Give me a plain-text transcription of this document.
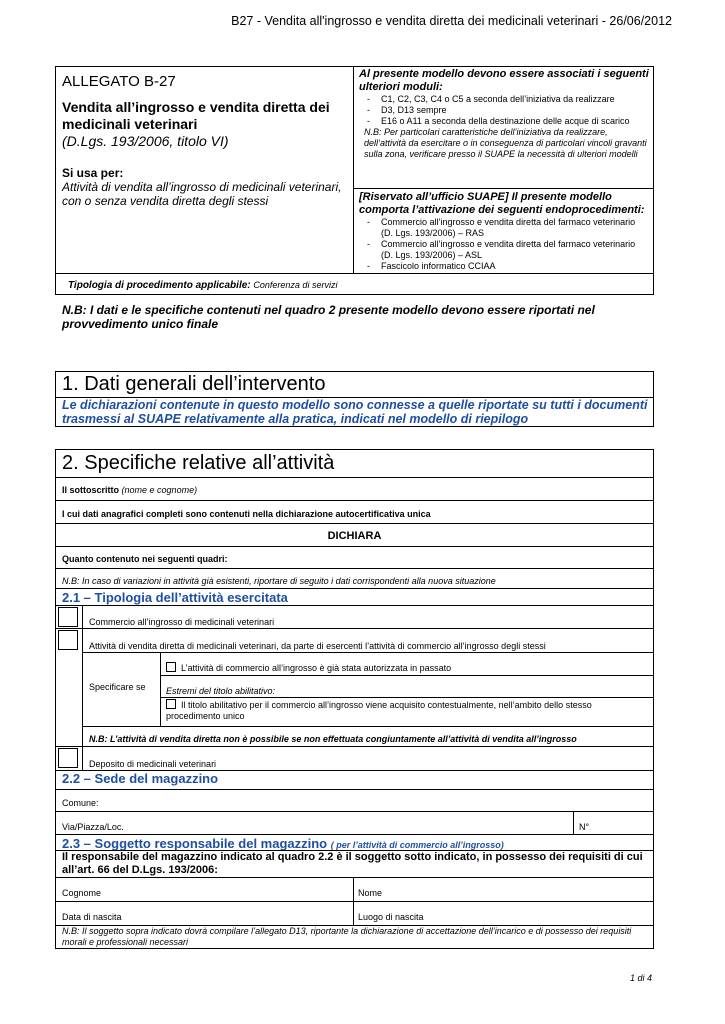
B27 - Vendita all'ingrosso e vendita diretta dei medicinali veterinari - 26/06/2012
ALLEGATO B-27
Vendita all’ingrosso e vendita diretta dei medicinali veterinari
(D.Lgs. 193/2006, titolo VI)
Si usa per:
Attività di vendita all’ingrosso di medicinali veterinari, con o senza vendita diretta degli stessi
Al presente modello devono essere associati i seguenti ulteriori moduli:
- C1, C2, C3, C4 o C5 a seconda dell’iniziativa da realizzare
- D3, D13 sempre
- E16 o A11 a seconda della destinazione delle acque di scarico
N.B: Per particolari caratteristiche dell’iniziativa da realizzare, dell’attività da esercitare o in conseguenza di particolari vincoli gravanti sulla zona, verificare presso il SUAPE la necessità di ulteriori modelli
[Riservato all’ufficio SUAPE] Il presente modello comporta l’attivazione dei seguenti endoprocedimenti:
- Commercio all’ingrosso e vendita diretta del farmaco veterinario (D. Lgs. 193/2006) – RAS
- Commercio all’ingrosso e vendita diretta del farmaco veterinario (D. Lgs. 193/2006) – ASL
- Fascicolo informatico CCIAA
Tipologia di procedimento applicabile: Conferenza di servizi
N.B: I dati e le specifiche contenuti nel quadro 2 presente modello devono essere riportati nel provvedimento unico finale
1. Dati generali dell’intervento
Le dichiarazioni contenute in questo modello sono connesse a quelle riportate su tutti i documenti trasmessi al SUAPE relativamente alla pratica, indicati nel modello di riepilogo
2. Specifiche relative all’attività
Il sottoscritto (nome e cognome)
I cui dati anagrafici completi sono contenuti nella dichiarazione autocertificativa unica
DICHIARA
Quanto contenuto nei seguenti quadri:
N.B: In caso di variazioni in attività già esistenti, riportare di seguito i dati corrispondenti alla nuova situazione
2.1 – Tipologia dell’attività esercitata
Commercio all’ingrosso di medicinali veterinari
Attività di vendita diretta di medicinali veterinari, da parte di esercenti l’attività di commercio all’ingrosso degli stessi
Specificare se
L’attività di commercio all’ingrosso è già stata autorizzata in passato
Estremi del titolo abilitativo:
Il titolo abilitativo per il commercio all’ingrosso viene acquisito contestualmente, nell’ambito dello stesso procedimento unico
N.B: L’attività di vendita diretta non è possibile se non effettuata congiuntamente all’attività di vendita all’ingrosso
Deposito di medicinali veterinari
2.2 – Sede del magazzino
Comune:
Via/Piazza/Loc.	N°
2.3 – Soggetto responsabile del magazzino ( per l’attività di commercio all’ingrosso)
Il responsabile del magazzino indicato al quadro 2.2 è il soggetto sotto indicato, in possesso dei requisiti di cui all’art. 66 del D.Lgs. 193/2006:
Cognome	Nome
Data di nascita	Luogo di nascita
N.B: Il soggetto sopra indicato dovrà compilare l’allegato D13, riportante la dichiarazione di accettazione dell’incarico e di possesso dei requisiti morali e professionali necessari
1 di 4
